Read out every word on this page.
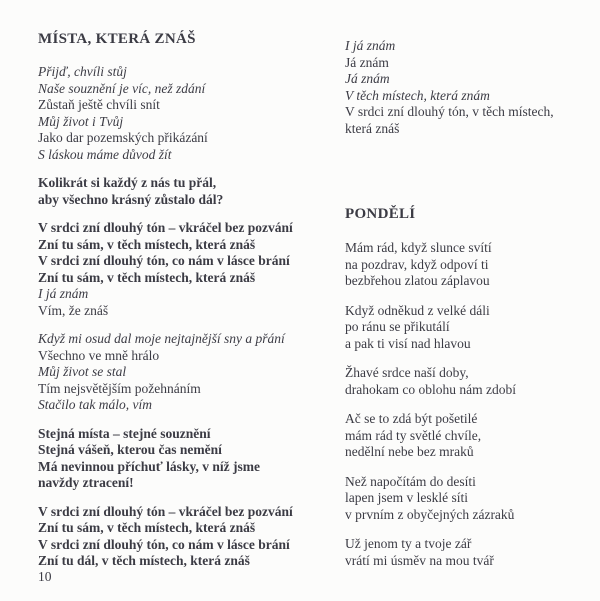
MÍSTA, KTERÁ ZNÁŠ
Přijď, chvíli stůj
Naše souznění je víc, než zdání
Zůstaň ještě chvíli snít
Můj život i Tvůj
Jako dar pozemských přikázání
S láskou máme důvod žít
Kolikrát si každý z nás tu přál,
aby všechno krásný zůstalo dál?
V srdci zní dlouhý tón – vkráčel bez pozvání
Zní tu sám, v těch místech, která znáš
V srdci zní dlouhý tón, co nám v lásce brání
Zní tu sám, v těch místech, která znáš
I já znám
Vím, že znáš
Když mi osud dal moje nejtajnější sny a přání
Všechno ve mně hrálo
Můj život se stal
Tím nejsvětějším požehnáním
Stačilo tak málo, vím
Stejná místa – stejné souznění
Stejná vášeň, kterou čas nemění
Má nevinnou příchuť lásky, v níž jsme
navždy ztracení!
V srdci zní dlouhý tón – vkráčel bez pozvání
Zní tu sám, v těch místech, která znáš
V srdci zní dlouhý tón, co nám v lásce brání
Zní tu dál, v těch místech, která znáš
I já znám
Já znám
Já znám
V těch místech, která znám
V srdci zní dlouhý tón, v těch místech,
která znáš
PONDĚLÍ
Mám rád, když slunce svítí
na pozdrav, když odpoví ti
bezbřehou zlatou záplavou
Když odněkud z velké dáli
po ránu se přikutálí
a pak ti visí nad hlavou
Žhavé srdce naší doby,
drahokam co oblohu nám zdobí
Ač se to zdá být pošetilé
mám rád ty světlé chvíle,
nedělní nebe bez mraků
Než napočítám do desíti
lapen jsem v lesklé síti
v prvním z obyčejných zázraků
Už jenom ty a tvoje zář
vrátí mi úsměv na mou tvář
10
